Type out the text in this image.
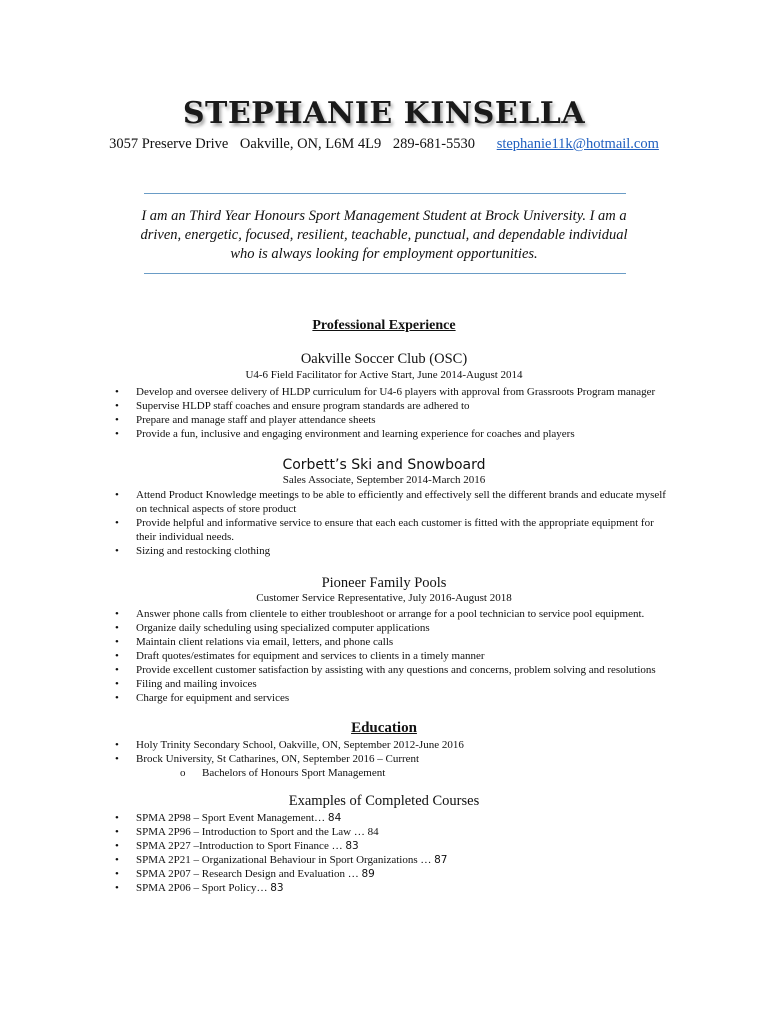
STEPHANIE KINSELLA
3057 Preserve Drive Oakville, ON, L6M 4L9 289-681-5530 stephanie11k@hotmail.com
I am an Third Year Honours Sport Management Student at Brock University. I am a driven, energetic, focused, resilient, teachable, punctual, and dependable individual who is always looking for employment opportunities.
Professional Experience
Oakville Soccer Club (OSC)
U4-6 Field Facilitator for Active Start, June 2014-August 2014
• Develop and oversee delivery of HLDP curriculum for U4-6 players with approval from Grassroots Program manager
• Supervise HLDP staff coaches and ensure program standards are adhered to
• Prepare and manage staff and player attendance sheets
• Provide a fun, inclusive and engaging environment and learning experience for coaches and players
Corbett’s Ski and Snowboard
Sales Associate, September 2014-March 2016
• Attend Product Knowledge meetings to be able to efficiently and effectively sell the different brands and educate myself on technical aspects of store product
• Provide helpful and informative service to ensure that each each customer is fitted with the appropriate equipment for their individual needs.
• Sizing and restocking clothing
Pioneer Family Pools
Customer Service Representative, July 2016-August 2018
• Answer phone calls from clientele to either troubleshoot or arrange for a pool technician to service pool equipment.
• Organize daily scheduling using specialized computer applications
• Maintain client relations via email, letters, and phone calls
• Draft quotes/estimates for equipment and services to clients in a timely manner
• Provide excellent customer satisfaction by assisting with any questions and concerns, problem solving and resolutions
• Filing and mailing invoices
• Charge for equipment and services
Education
• Holy Trinity Secondary School, Oakville, ON, September 2012-June 2016
• Brock University, St Catharines, ON, September 2016 – Current
o Bachelors of Honours Sport Management
Examples of Completed Courses
• SPMA 2P98 – Sport Event Management… 84
• SPMA 2P96 – Introduction to Sport and the Law … 84
• SPMA 2P27 –Introduction to Sport Finance … 83
• SPMA 2P21 – Organizational Behaviour in Sport Organizations … 87
• SPMA 2P07 – Research Design and Evaluation … 89
• SPMA 2P06 – Sport Policy… 83
